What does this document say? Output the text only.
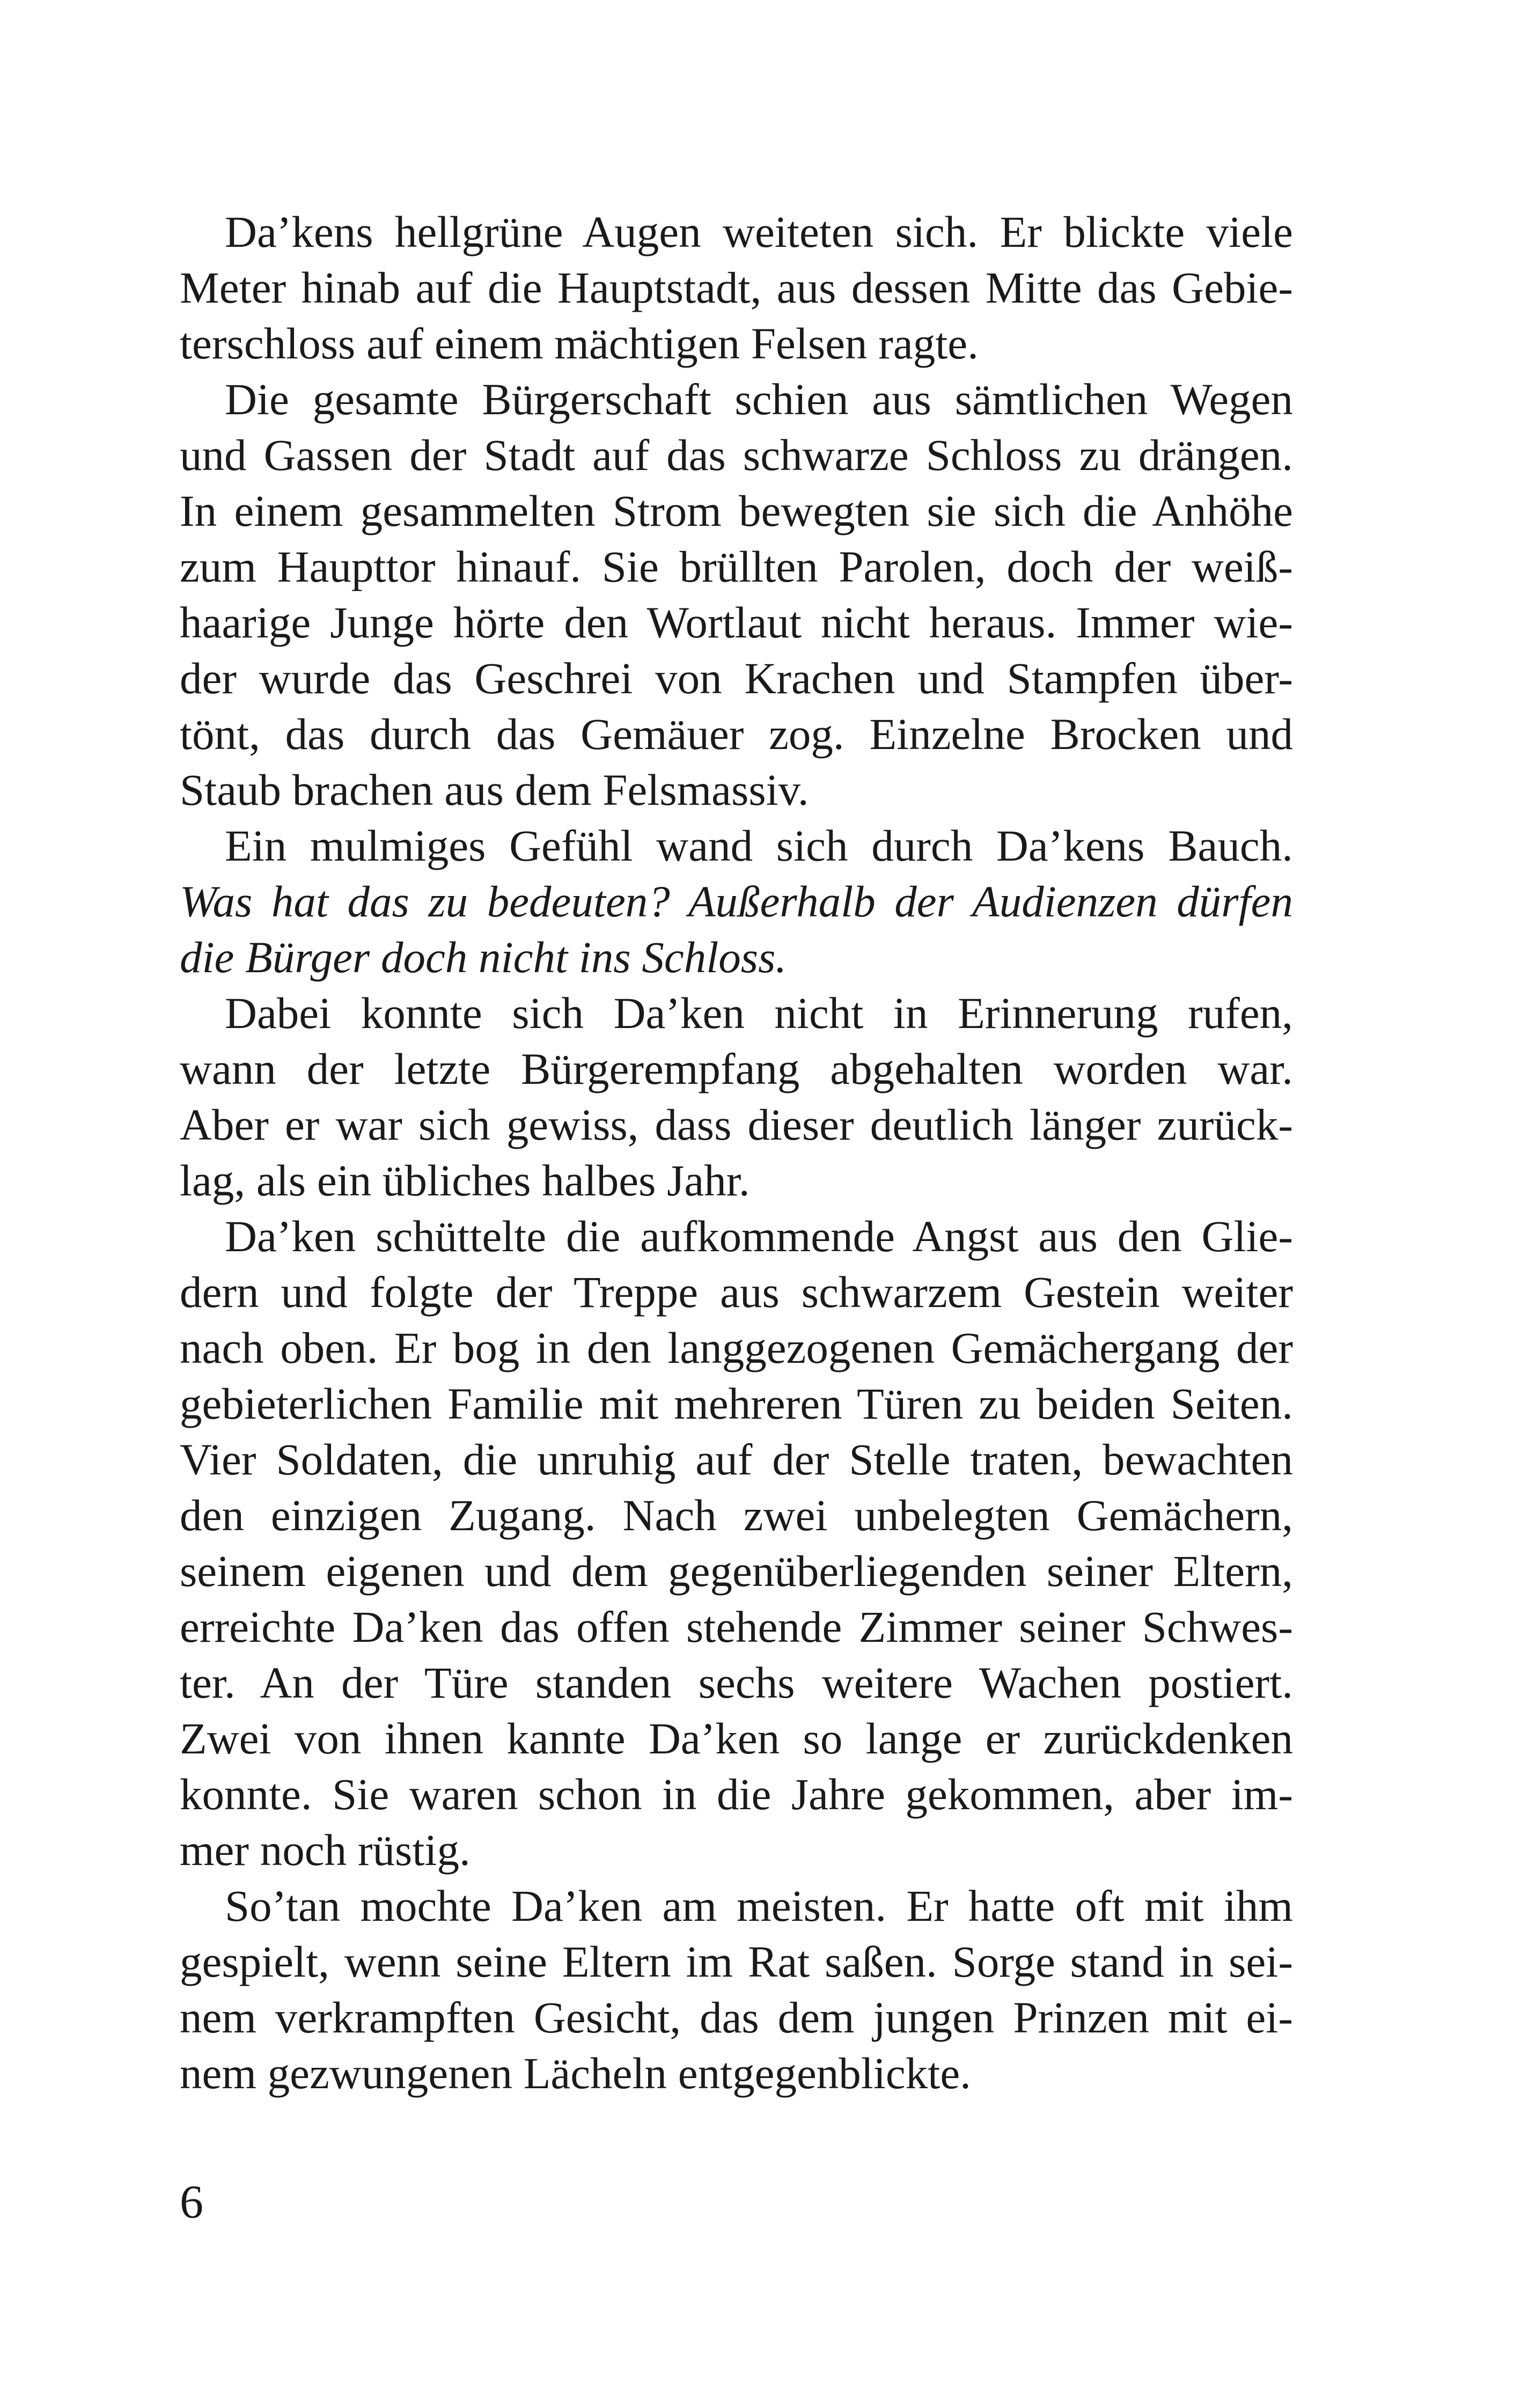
Da’kens hellgrüne Augen weiteten sich. Er blickte viele
Meter hinab auf die Hauptstadt, aus dessen Mitte das Gebie-
terschloss auf einem mächtigen Felsen ragte.
Die gesamte Bürgerschaft schien aus sämtlichen Wegen
und Gassen der Stadt auf das schwarze Schloss zu drängen.
In einem gesammelten Strom bewegten sie sich die Anhöhe
zum Haupttor hinauf. Sie brüllten Parolen, doch der weiß-
haarige Junge hörte den Wortlaut nicht heraus. Immer wie-
der wurde das Geschrei von Krachen und Stampfen über-
tönt, das durch das Gemäuer zog. Einzelne Brocken und
Staub brachen aus dem Felsmassiv.
Ein mulmiges Gefühl wand sich durch Da’kens Bauch.
Was hat das zu bedeuten? Außerhalb der Audienzen dürfen
die Bürger doch nicht ins Schloss.
Dabei konnte sich Da’ken nicht in Erinnerung rufen,
wann der letzte Bürgerempfang abgehalten worden war.
Aber er war sich gewiss, dass dieser deutlich länger zurück-
lag, als ein übliches halbes Jahr.
Da’ken schüttelte die aufkommende Angst aus den Glie-
dern und folgte der Treppe aus schwarzem Gestein weiter
nach oben. Er bog in den langgezogenen Gemächergang der
gebieterlichen Familie mit mehreren Türen zu beiden Seiten.
Vier Soldaten, die unruhig auf der Stelle traten, bewachten
den einzigen Zugang. Nach zwei unbelegten Gemächern,
seinem eigenen und dem gegenüberliegenden seiner Eltern,
erreichte Da’ken das offen stehende Zimmer seiner Schwes-
ter. An der Türe standen sechs weitere Wachen postiert.
Zwei von ihnen kannte Da’ken so lange er zurückdenken
konnte. Sie waren schon in die Jahre gekommen, aber im-
mer noch rüstig.
So’tan mochte Da’ken am meisten. Er hatte oft mit ihm
gespielt, wenn seine Eltern im Rat saßen. Sorge stand in sei-
nem verkrampften Gesicht, das dem jungen Prinzen mit ei-
nem gezwungenen Lächeln entgegenblickte.
6
